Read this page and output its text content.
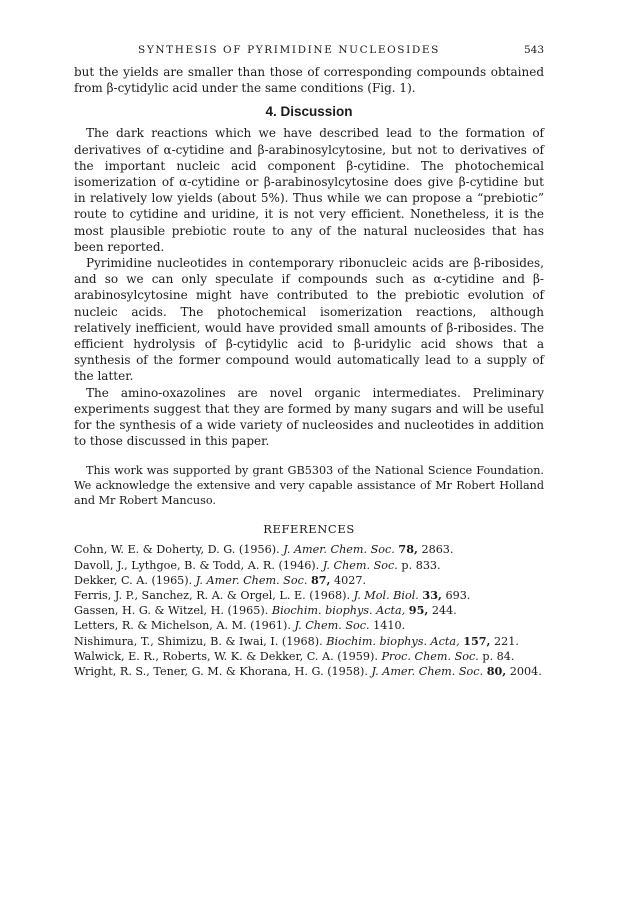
SYNTHESIS OF PYRIMIDINE NUCLEOSIDES	543

but the yields are smaller than those of corresponding compounds obtained from β-cytidylic acid under the same conditions (Fig. 1).

4. Discussion

The dark reactions which we have described lead to the formation of derivatives of α-cytidine and β-arabinosylcytosine, but not to derivatives of the important nucleic acid component β-cytidine. The photochemical isomerization of α-cytidine or β-arabinosylcytosine does give β-cytidine but in relatively low yields (about 5%). Thus while we can propose a “prebiotic” route to cytidine and uridine, it is not very efficient. Nonetheless, it is the most plausible prebiotic route to any of the natural nucleosides that has been reported.

Pyrimidine nucleotides in contemporary ribonucleic acids are β-ribosides, and so we can only speculate if compounds such as α-cytidine and β-arabinosylcytosine might have contributed to the prebiotic evolution of nucleic acids. The photochemical isomerization reactions, although relatively inefficient, would have provided small amounts of β-ribosides. The efficient hydrolysis of β-cytidylic acid to β-uridylic acid shows that a synthesis of the former compound would automatically lead to a supply of the latter.

The amino-oxazolines are novel organic intermediates. Preliminary experiments suggest that they are formed by many sugars and will be useful for the synthesis of a wide variety of nucleosides and nucleotides in addition to those discussed in this paper.

This work was supported by grant GB5303 of the National Science Foundation. We acknowledge the extensive and very capable assistance of Mr Robert Holland and Mr Robert Mancuso.

REFERENCES
Cohn, W. E. & Doherty, D. G. (1956). J. Amer. Chem. Soc. 78, 2863.
Davoll, J., Lythgoe, B. & Todd, A. R. (1946). J. Chem. Soc. p. 833.
Dekker, C. A. (1965). J. Amer. Chem. Soc. 87, 4027.
Ferris, J. P., Sanchez, R. A. & Orgel, L. E. (1968). J. Mol. Biol. 33, 693.
Gassen, H. G. & Witzel, H. (1965). Biochim. biophys. Acta, 95, 244.
Letters, R. & Michelson, A. M. (1961). J. Chem. Soc. 1410.
Nishimura, T., Shimizu, B. & Iwai, I. (1968). Biochim. biophys. Acta, 157, 221.
Walwick, E. R., Roberts, W. K. & Dekker, C. A. (1959). Proc. Chem. Soc. p. 84.
Wright, R. S., Tener, G. M. & Khorana, H. G. (1958). J. Amer. Chem. Soc. 80, 2004.
